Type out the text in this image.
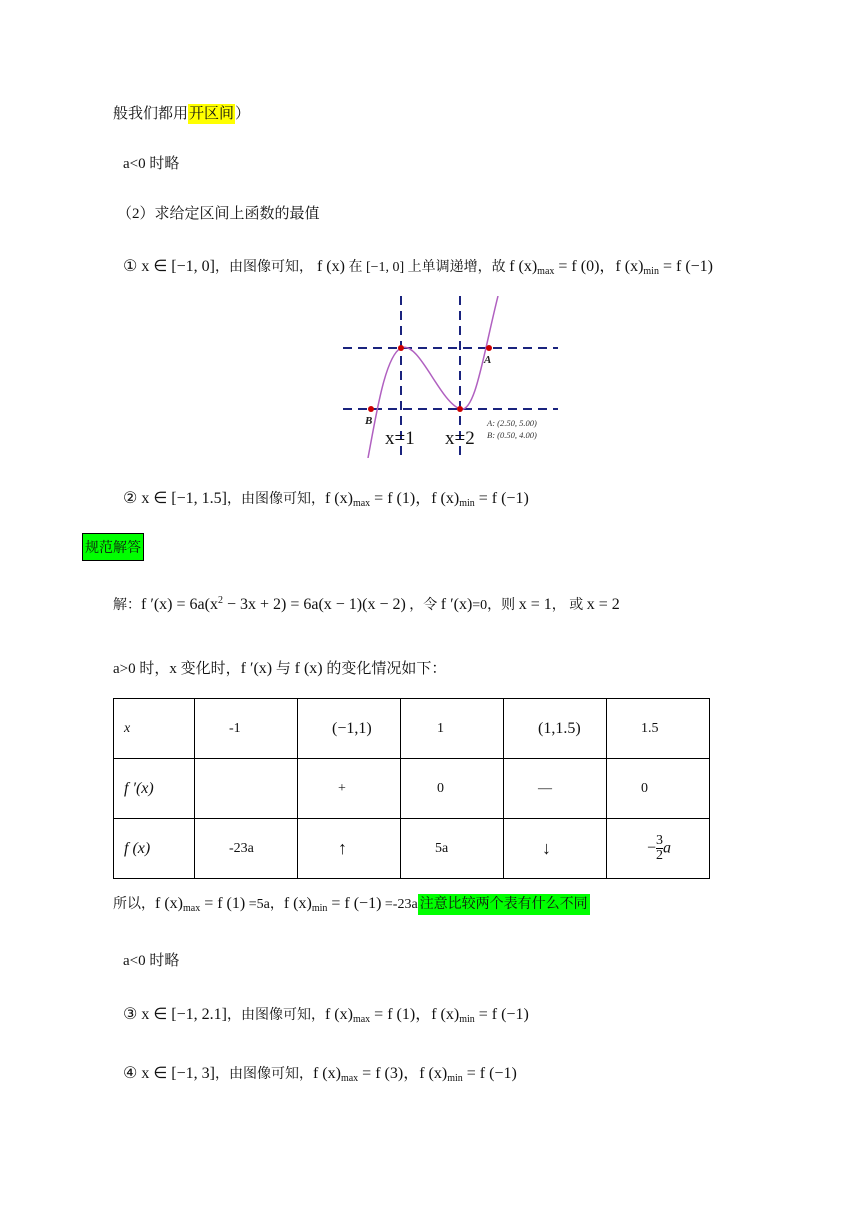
般我们都用开区间）
a<0 时略
（2）求给定区间上函数的最值
① x ∈ [−1, 0]，由图像可知， f (x) 在 [−1, 0] 上单调递增，故 f $(x)_{max} = f$ (0)，f $(x)_{min} = f$ (−1)
A
B
x=1 x=2
A: (2.50, 5.00)
B: (0.50, 4.00)
② x ∈ [−1, 1.5]，由图像可知，f $(x)_{max} = f$ (1)，f $(x)_{min} = f$ (−1)
规范解答
解：f $'(x) = 6a(x^2 - 3x + 2) = 6a(x - 1)(x - 2)$ ，令 f ′(x)=0，则 x = 1， 或 x = 2
a>0 时，x 变化时，f ′(x) 与 f (x) 的变化情况如下：
x	-1	(−1,1)	1	(1,1.5)	1.5
f ′(x)		+	0	—	0
f (x)	-23a	↑	5a	↓	− $\frac{3}{2}$ a
所以，f $(x)_{max} = f$ (1) =5a，f $(x)_{min} = f$ (−1) =-23a 注意比较两个表有什么不同
a<0 时略
③ x ∈ [−1, 2.1]，由图像可知，f $(x)_{max} = f$ (1)，f $(x)_{min} = f$ (−1)
④ x ∈ [−1, 3]，由图像可知，f $(x)_{max} = f$ (3)，f $(x)_{min} = f$ (−1)
